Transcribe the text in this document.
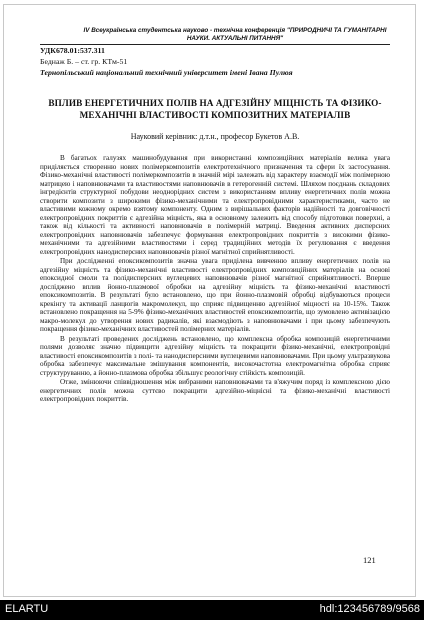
IV Всеукраїнська студентська науково - технічна конференція "ПРИРОДНИЧІ ТА ГУМАНІТАРНІ НАУКИ. АКТУАЛЬНІ ПИТАННЯ"
УДК678.01:537.311
Беднаж Б. – ст. гр. КТм-51
Тернопільський національний технічний університет імені Івана Пулюя
ВПЛИВ ЕНЕРГЕТИЧНИХ ПОЛІВ НА АДГЕЗІЙНУ МІЦНІСТЬ ТА ФІЗИКО-МЕХАНІЧНІ ВЛАСТИВОСТІ КОМПОЗИТНИХ МАТЕРІАЛІВ
Науковий керівник: д.т.н., професор Букетов А.В.

В багатьох галузях машинобудування при використанні композиційних матеріалів велика увага приділяється створенню нових полімеркомпозитів електротехнічного призначення та сфери їх застосування. Фізико-механічні властивості полімеркомпозитів в значній мірі залежать від характеру взаємодії між полімерною матрицею і наповнювачами та властивостями наповнювачів в гетерогенній системі. Шляхом поєднань складових інгредієнтів структурної побудови неоднорідних систем з використанням впливу енергетичних полів можна створити композити з широкими фізико-механічними та електропровідними характеристиками, часто не властивими кожному окремо взятому компоненту. Одним з вирішальних факторів надійності та довговічності електропровідних покриттів є адгезійна міцність, яка в основному залежить від способу підготовки поверхні, а також від кількості та активності наповнювачів в полімерній матриці. Введення активних дисперсних електропровідних наповнювачів забезпечує формування електропровідних покриттів з високими фізико-механічними та адгезійними властивостями і серед традиційних методів їх регулювання є введення електропровідних нанодисперсних наповнювачів різної магнітної сприйнятливості.

При дослідженні епоксикомпозитів значна увага приділена вивченню впливу енергетичних полів на адгезійну міцність та фізико-механічні властивості електропровідних композиційних матеріалів на основі епоксидної смоли та полідисперсних вуглецевих наповнювачів різної магнітної сприйнятливості. Вперше досліджено вплив йонно-плазмової обробки на адгезійну міцність та фізико-механічні властивості епоксикомпозитів. В результаті було встановлено, що при йонно-плазмовій обробці відбуваються процеси крекінгу та активації ланцюгів макромолекул, що сприяє підвищенню адгезійної міцності на 10-15%. Також встановлено покращення на 5-9% фізико-механічних властивостей епоксикомпозитів, що зумовлено активізацією макро-молекул до утворення нових радикалів, які взаємодіють з наповнювачами і при цьому забезпечують покращення фізико-механічних властивостей полімерних матеріалів.

В результаті проведених досліджень встановлено, що комплексна обробка композицій енергетичними полями дозволяє значно підвищити адгезійну міцність та покращити фізико-механічні, електропровідні властивості епоксикомпозитів з полі- та нанодисперсними вуглецевими наповнювачами. При цьому ультразвукова обробка забезпечує максимальне змішування компонентів, високочастотна електромагнітна обробка сприяє структуруванню, а йонно-плазмова обробка збільшує реологічну стійкість композицій.

Отже, змінюючи співвідношення між вибраними наповнювачами та в'яжучим поряд із комплексною дією енергетичних полів можна суттєво покращити адгезійно-міцнісні та фізико-механічні властивості електропровідних покриттів.

121
ELARTU	hdl:123456789/9568
